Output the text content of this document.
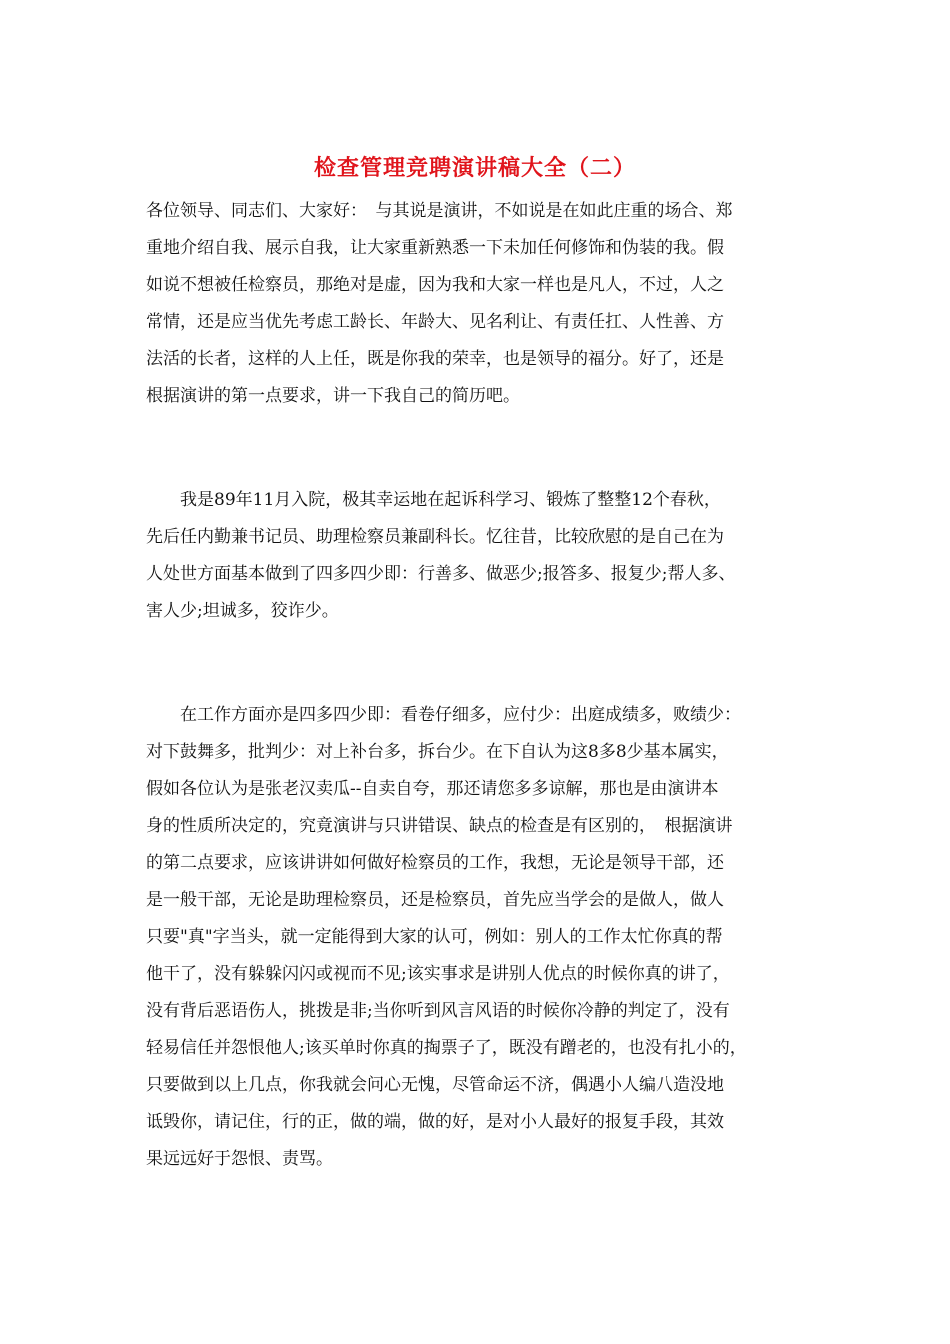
检查管理竞聘演讲稿大全（二）
各位领导、同志们、大家好：　与其说是演讲，不如说是在如此庄重的场合、郑
重地介绍自我、展示自我，让大家重新熟悉一下未加任何修饰和伪装的我。假
如说不想被任检察员，那绝对是虚，因为我和大家一样也是凡人，不过，人之
常情，还是应当优先考虑工龄长、年龄大、见名利让、有责任扛、人性善、方
法活的长者，这样的人上任，既是你我的荣幸，也是领导的福分。好了，还是
根据演讲的第一点要求，讲一下我自己的简历吧。
　　我是89年11月入院，极其幸运地在起诉科学习、锻炼了整整12个春秋，
先后任内勤兼书记员、助理检察员兼副科长。忆往昔，比较欣慰的是自己在为
人处世方面基本做到了四多四少即：行善多、做恶少;报答多、报复少;帮人多、
害人少;坦诚多，狡诈少。
　　在工作方面亦是四多四少即：看卷仔细多，应付少：出庭成绩多，败绩少：
对下鼓舞多，批判少：对上补台多，拆台少。在下自认为这8多8少基本属实，
假如各位认为是张老汉卖瓜--自卖自夸，那还请您多多谅解，那也是由演讲本
身的性质所决定的，究竟演讲与只讲错误、缺点的检查是有区别的，　根据演讲
的第二点要求，应该讲讲如何做好检察员的工作，我想，无论是领导干部，还
是一般干部，无论是助理检察员，还是检察员，首先应当学会的是做人，做人
只要"真"字当头，就一定能得到大家的认可，例如：别人的工作太忙你真的帮
他干了，没有躲躲闪闪或视而不见;该实事求是讲别人优点的时候你真的讲了，
没有背后恶语伤人，挑拨是非;当你听到风言风语的时候你冷静的判定了，没有
轻易信任并怨恨他人;该买单时你真的掏票子了，既没有蹭老的，也没有扎小的，
只要做到以上几点，你我就会问心无愧，尽管命运不济，偶遇小人编八造没地
诋毁你，请记住，行的正，做的端，做的好，是对小人最好的报复手段，其效
果远远好于怨恨、责骂。
